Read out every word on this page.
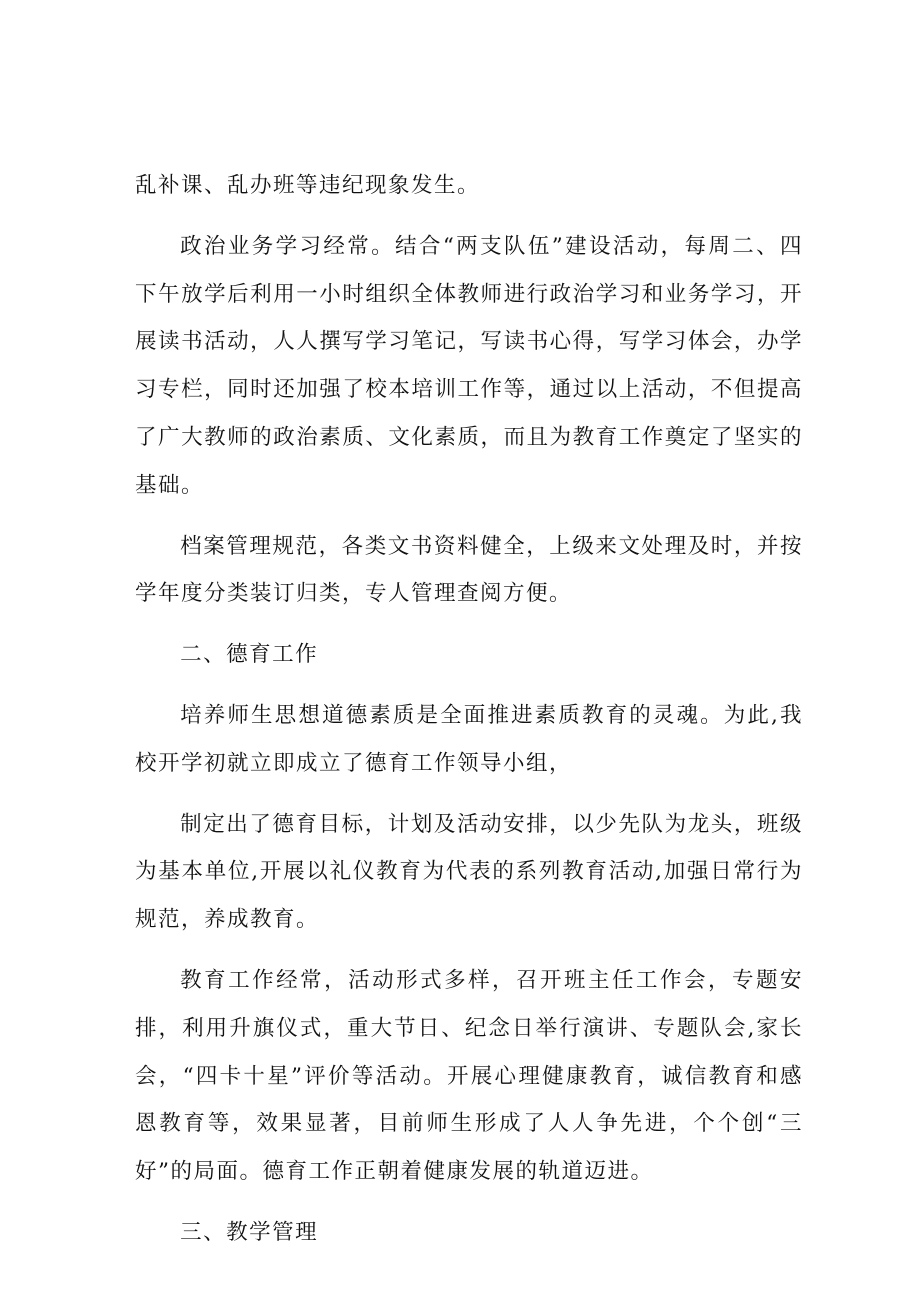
乱补课、乱办班等违纪现象发生。

政治业务学习经常。结合“两支队伍”建设活动，每周二、四下午放学后利用一小时组织全体教师进行政治学习和业务学习，开展读书活动，人人撰写学习笔记，写读书心得，写学习体会，办学习专栏，同时还加强了校本培训工作等，通过以上活动，不但提高了广大教师的政治素质、文化素质，而且为教育工作奠定了坚实的基础。

档案管理规范，各类文书资料健全，上级来文处理及时，并按学年度分类装订归类，专人管理查阅方便。

二、德育工作

培养师生思想道德素质是全面推进素质教育的灵魂。为此,我校开学初就立即成立了德育工作领导小组，

制定出了德育目标，计划及活动安排，以少先队为龙头，班级为基本单位,开展以礼仪教育为代表的系列教育活动,加强日常行为规范，养成教育。

教育工作经常，活动形式多样，召开班主任工作会，专题安排，利用升旗仪式，重大节日、纪念日举行演讲、专题队会,家长会，“四卡十星”评价等活动。开展心理健康教育，诚信教育和感恩教育等，效果显著，目前师生形成了人人争先进，个个创“三好”的局面。德育工作正朝着健康发展的轨道迈进。

三、教学管理
